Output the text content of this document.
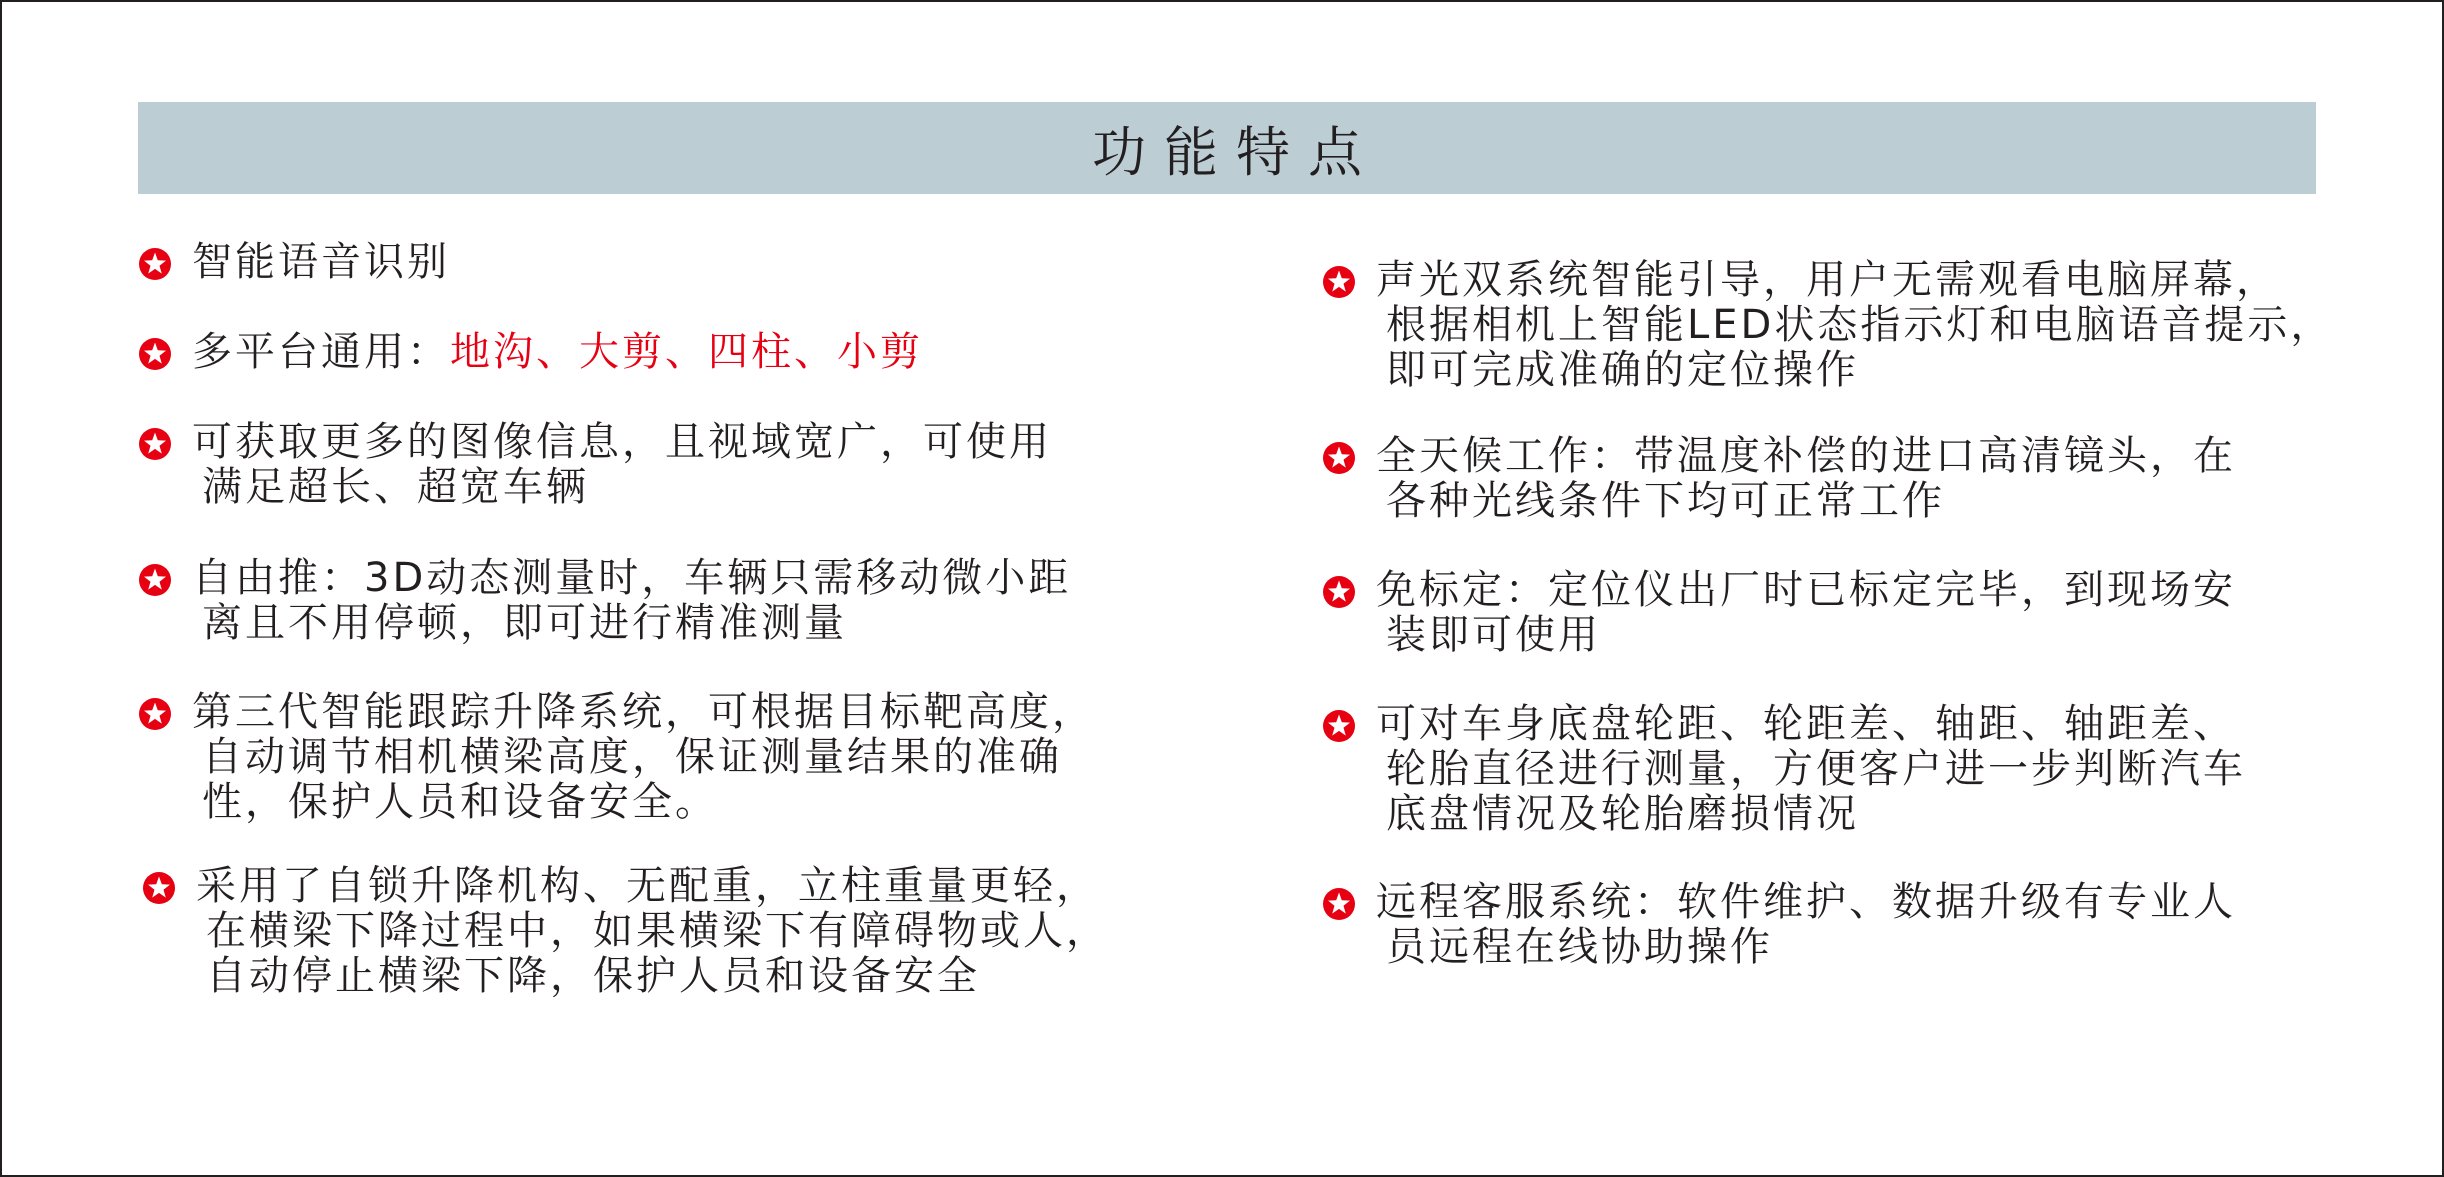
功能特点
智能语音识别
多平台通用：地沟、大剪、四柱、小剪
可获取更多的图像信息，且视域宽广，可使用
满足超长、超宽车辆
自由推：3D动态测量时，车辆只需移动微小距
离且不用停顿，即可进行精准测量
第三代智能跟踪升降系统，可根据目标靶高度，
自动调节相机横梁高度，保证测量结果的准确
性，保护人员和设备安全。
采用了自锁升降机构、无配重，立柱重量更轻，
在横梁下降过程中，如果横梁下有障碍物或人，
自动停止横梁下降，保护人员和设备安全
声光双系统智能引导，用户无需观看电脑屏幕，
根据相机上智能LED状态指示灯和电脑语音提示，
即可完成准确的定位操作
全天候工作：带温度补偿的进口高清镜头，在
各种光线条件下均可正常工作
免标定：定位仪出厂时已标定完毕，到现场安
装即可使用
可对车身底盘轮距、轮距差、轴距、轴距差、
轮胎直径进行测量，方便客户进一步判断汽车
底盘情况及轮胎磨损情况
远程客服系统：软件维护、数据升级有专业人
员远程在线协助操作
